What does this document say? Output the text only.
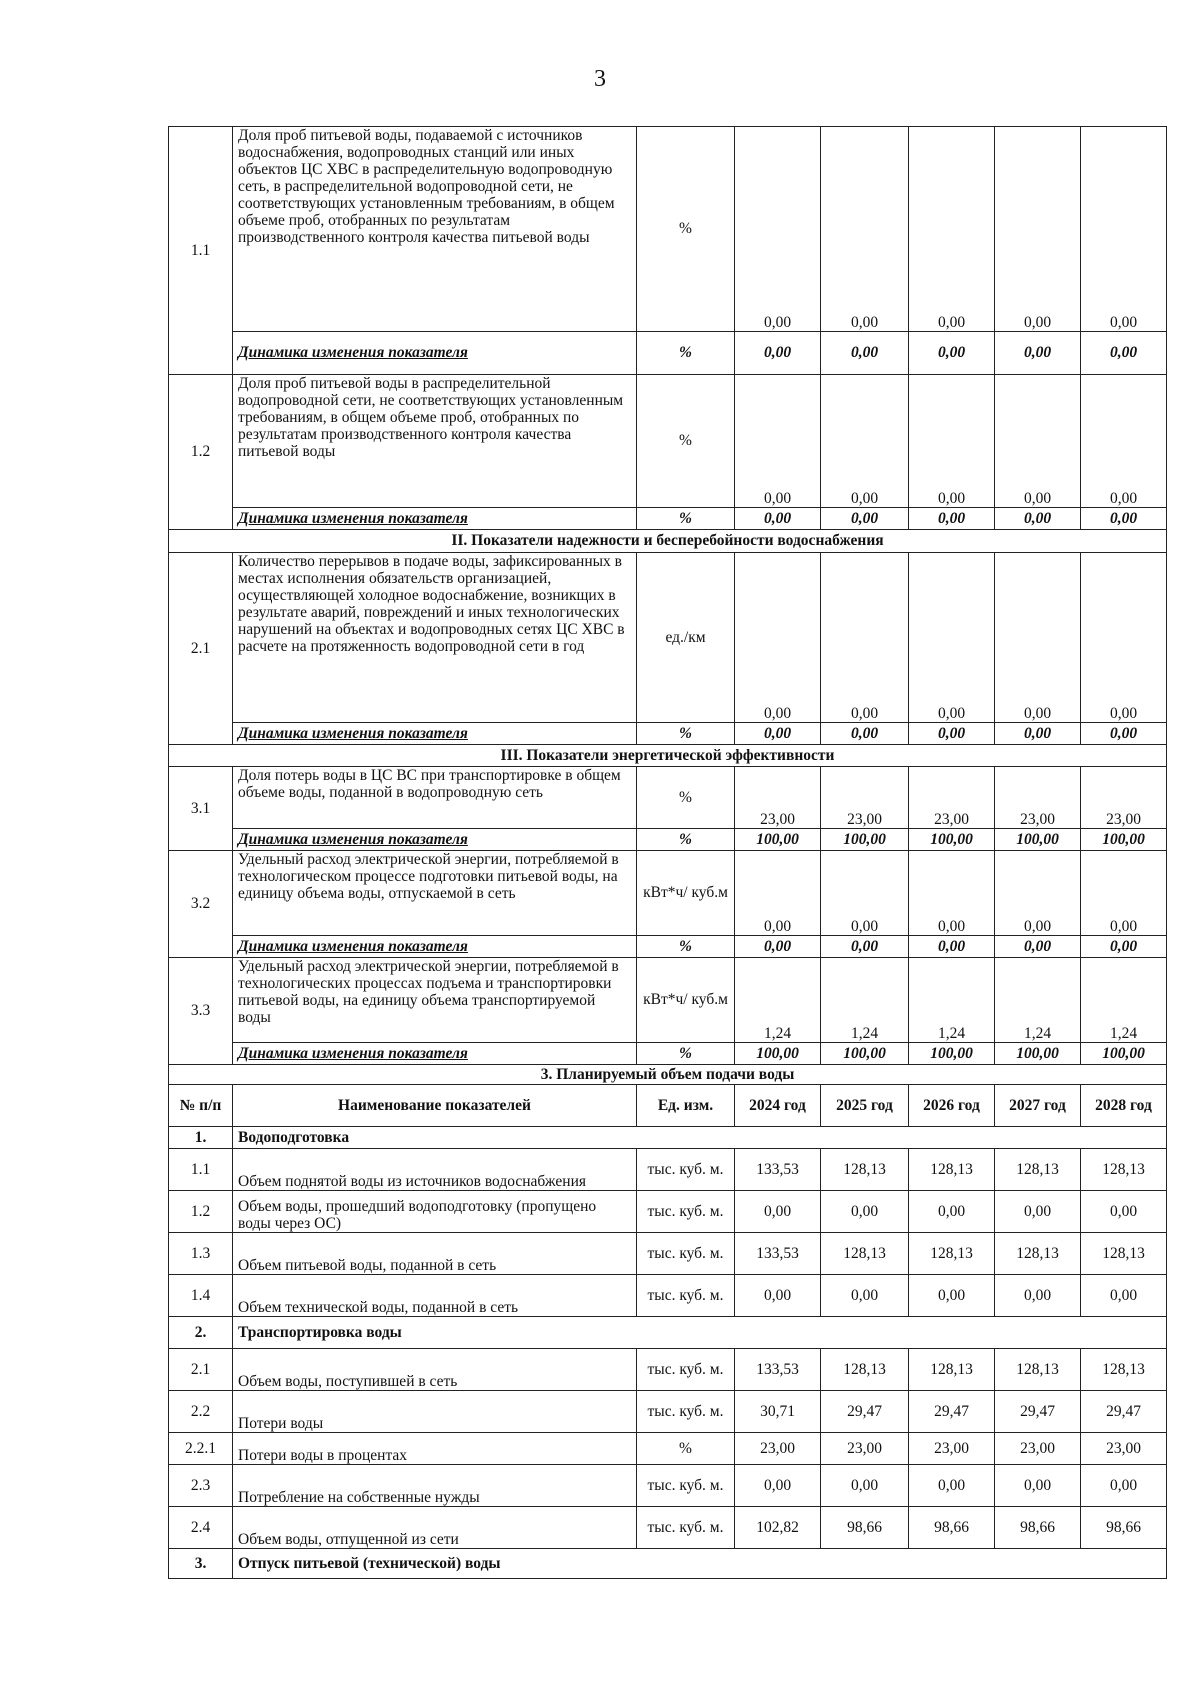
3
1.1	Доля проб питьевой воды, подаваемой с источников водоснабжения, водопроводных станций или иных объектов ЦС ХВС в распределительную водопроводную сеть, в распределительной водопроводной сети, не соответствующих установленным требованиям, в общем объеме проб, отобранных по результатам производственного контроля качества питьевой воды	%	0,00	0,00	0,00	0,00	0,00
	Динамика изменения показателя	%	0,00	0,00	0,00	0,00	0,00
1.2	Доля проб питьевой воды в распределительной водопроводной сети, не соответствующих установленным требованиям, в общем объеме проб, отобранных по результатам производственного контроля качества питьевой воды	%	0,00	0,00	0,00	0,00	0,00
	Динамика изменения показателя	%	0,00	0,00	0,00	0,00	0,00
II. Показатели надежности и бесперебойности водоснабжения							
2.1	Количество перерывов в подаче воды, зафиксированных в местах исполнения обязательств организацией, осуществляющей холодное водоснабжение, возникщих в результате аварий, повреждений и иных технологических нарушений на объектах и водопроводных сетях ЦС ХВС в расчете на протяженность водопроводной сети в год	ед./км	0,00	0,00	0,00	0,00	0,00
	Динамика изменения показателя	%	0,00	0,00	0,00	0,00	0,00
III. Показатели энергетической эффективности							
3.1	Доля потерь воды в ЦС ВС при транспортировке в общем объеме воды, поданной в водопроводную сеть	%	23,00	23,00	23,00	23,00	23,00
	Динамика изменения показателя	%	100,00	100,00	100,00	100,00	100,00
3.2	Удельный расход электрической энергии, потребляемой в технологическом процессе подготовки питьевой воды, на единицу объема воды, отпускаемой в сеть	кВт*ч/ куб.м	0,00	0,00	0,00	0,00	0,00
	Динамика изменения показателя	%	0,00	0,00	0,00	0,00	0,00
3.3	Удельный расход электрической энергии, потребляемой в технологических процессах подъема и транспортировки питьевой воды, на единицу объема транспортируемой воды	кВт*ч/ куб.м	1,24	1,24	1,24	1,24	1,24
	Динамика изменения показателя	%	100,00	100,00	100,00	100,00	100,00
3. Планируемый объем подачи воды							
№ п/п	Наименование показателей	Ед. изм.	2024 год	2025 год	2026 год	2027 год	2028 год
1.	Водоподготовка						
1.1	Объем поднятой воды из источников водоснабжения	тыс. куб. м.	133,53	128,13	128,13	128,13	128,13
1.2	Объем воды, прошедший водоподготовку (пропущено воды через ОС)	тыс. куб. м.	0,00	0,00	0,00	0,00	0,00
1.3	Объем питьевой воды, поданной в сеть	тыс. куб. м.	133,53	128,13	128,13	128,13	128,13
1.4	Объем технической воды, поданной в сеть	тыс. куб. м.	0,00	0,00	0,00	0,00	0,00
2.	Транспортировка воды						
2.1	Объем воды, поступившей в сеть	тыс. куб. м.	133,53	128,13	128,13	128,13	128,13
2.2	Потери воды	тыс. куб. м.	30,71	29,47	29,47	29,47	29,47
2.2.1	Потери воды в процентах	%	23,00	23,00	23,00	23,00	23,00
2.3	Потребление на собственные нужды	тыс. куб. м.	0,00	0,00	0,00	0,00	0,00
2.4	Объем воды, отпущенной из сети	тыс. куб. м.	102,82	98,66	98,66	98,66	98,66
3.	Отпуск питьевой (технической) воды						
